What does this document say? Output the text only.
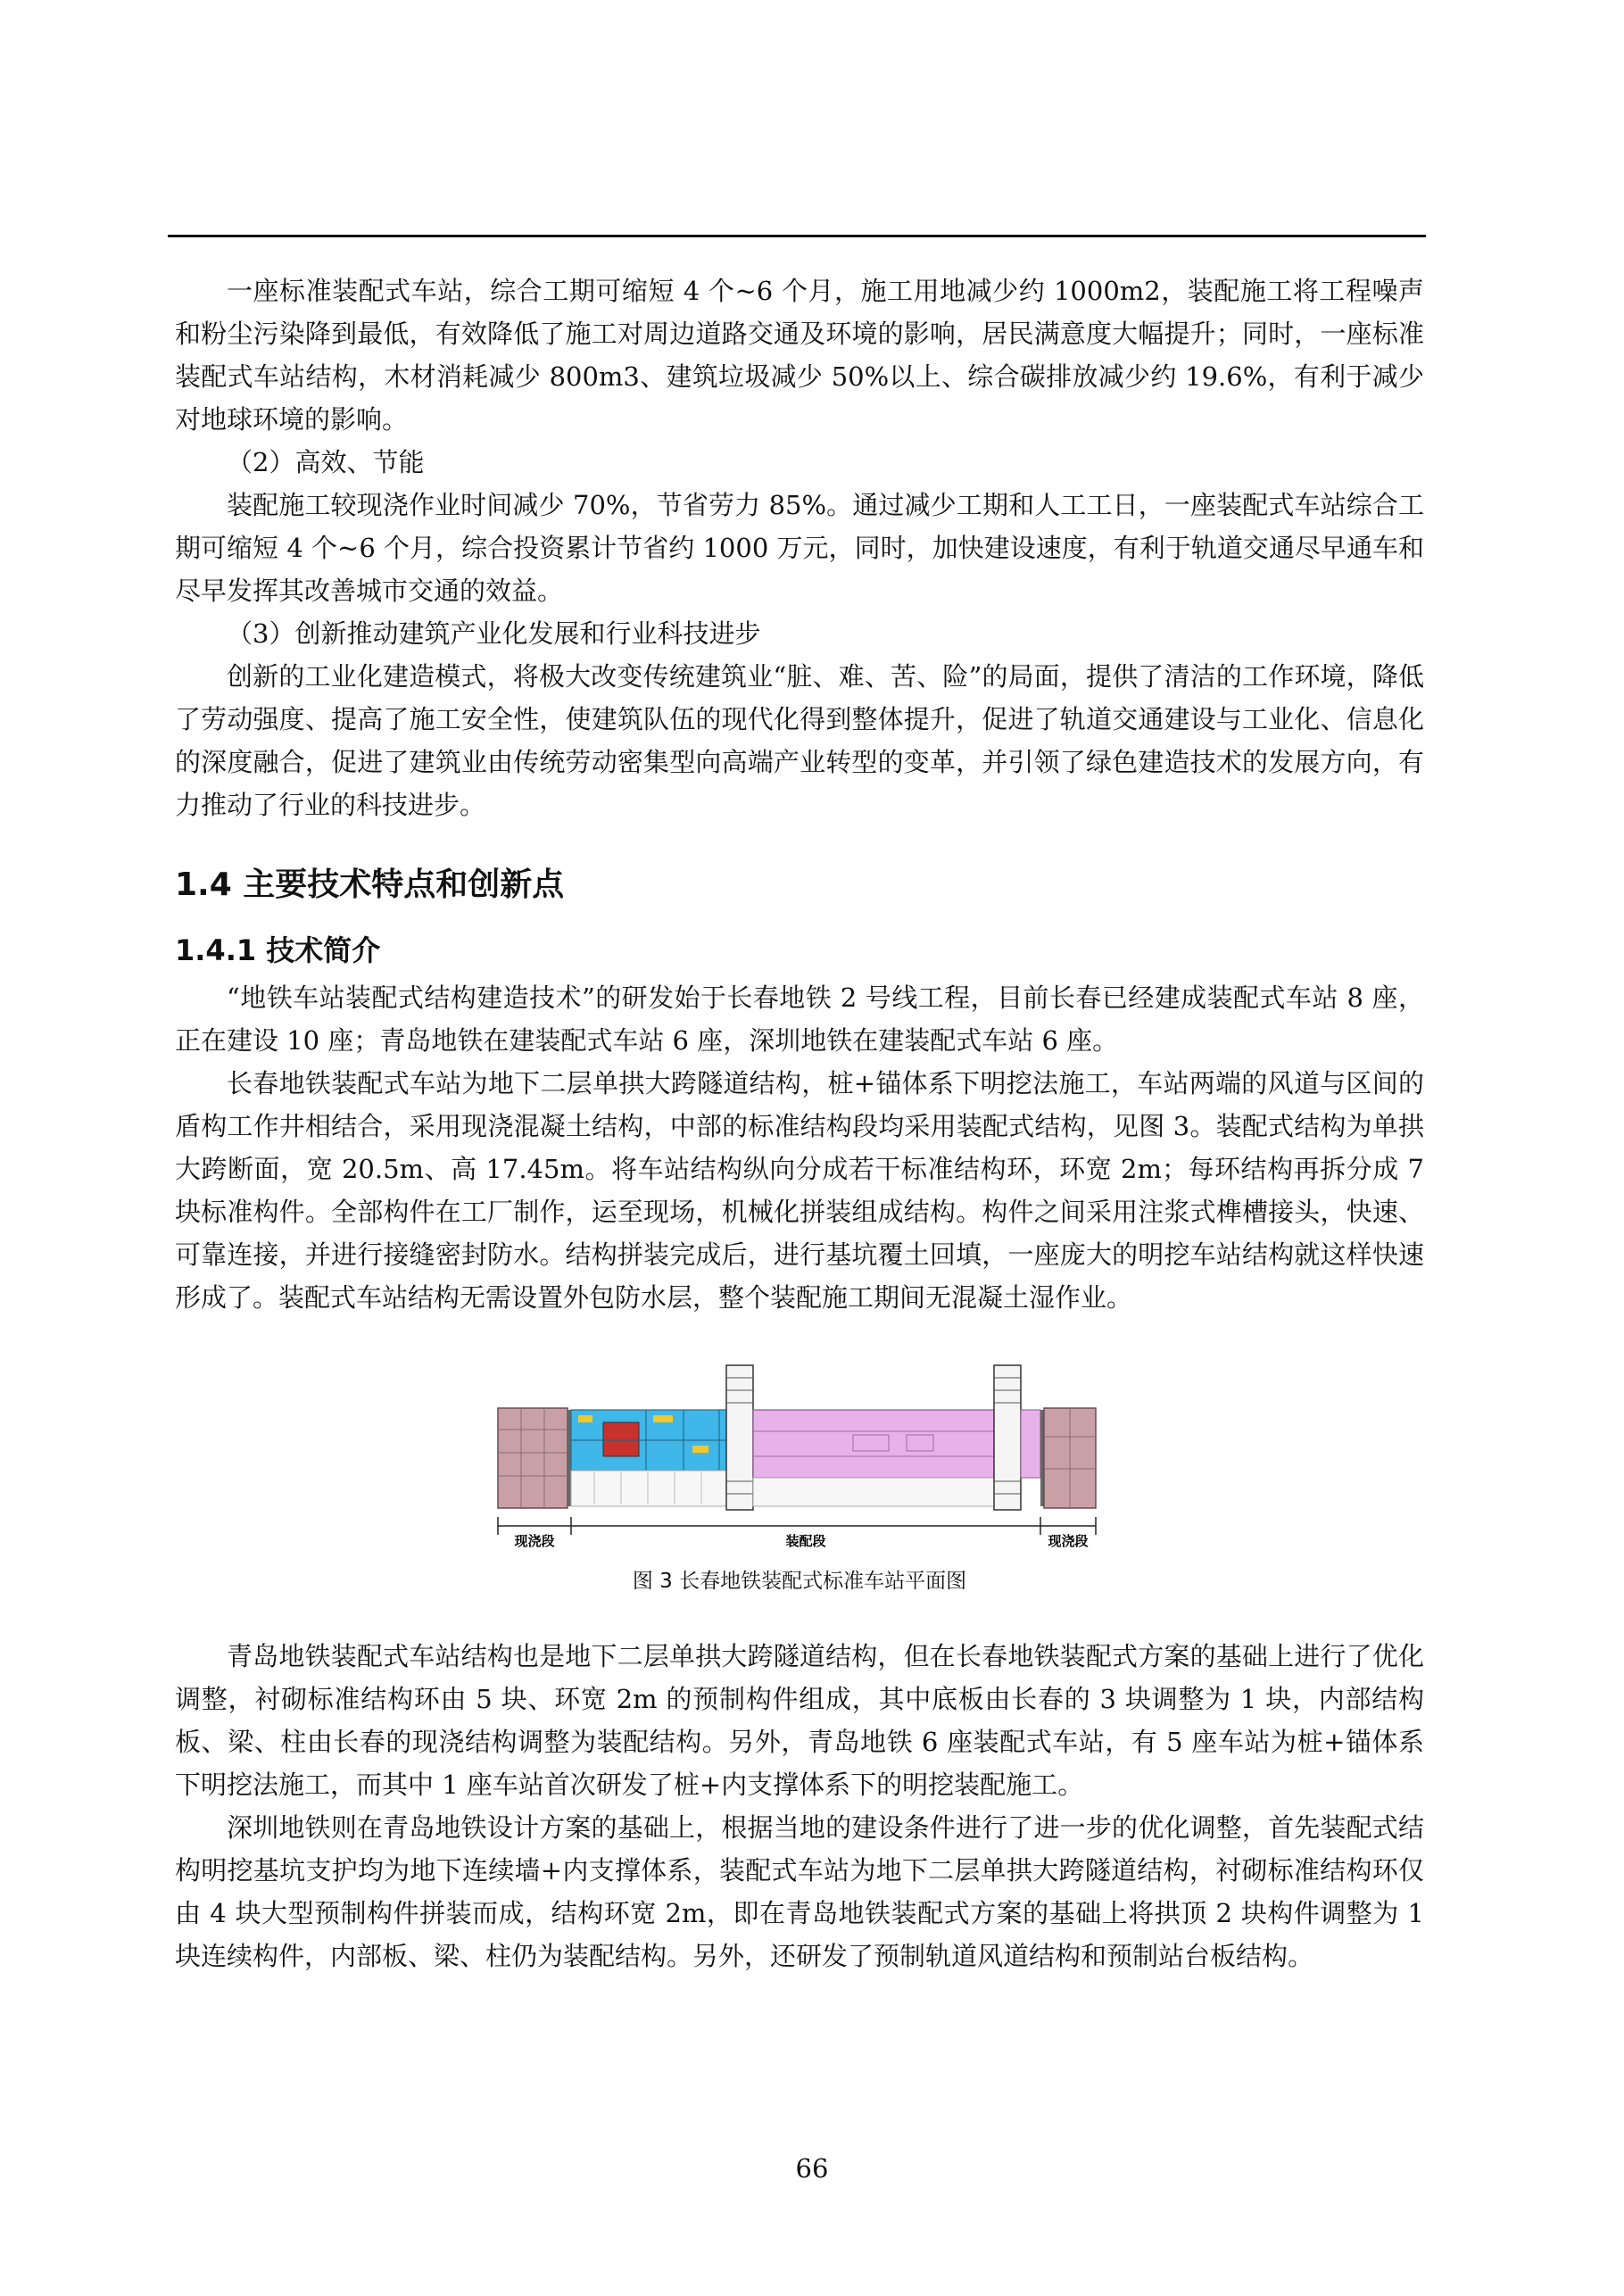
一座标准装配式车站，综合工期可缩短 4 个~6 个月，施工用地减少约 1000m2，装配施工将工程噪声和粉尘污染降到最低，有效降低了施工对周边道路交通及环境的影响，居民满意度大幅提升；同时，一座标准装配式车站结构，木材消耗减少 800m3、建筑垃圾减少 50%以上、综合碳排放减少约 19.6%，有利于减少对地球环境的影响。

（2）高效、节能

装配施工较现浇作业时间减少 70%，节省劳力 85%。通过减少工期和人工工日，一座装配式车站综合工期可缩短 4 个~6 个月，综合投资累计节省约 1000 万元，同时，加快建设速度，有利于轨道交通尽早通车和尽早发挥其改善城市交通的效益。

（3）创新推动建筑产业化发展和行业科技进步

创新的工业化建造模式，将极大改变传统建筑业“脏、难、苦、险”的局面，提供了清洁的工作环境，降低了劳动强度、提高了施工安全性，使建筑队伍的现代化得到整体提升，促进了轨道交通建设与工业化、信息化的深度融合，促进了建筑业由传统劳动密集型向高端产业转型的变革，并引领了绿色建造技术的发展方向，有力推动了行业的科技进步。

1.4 主要技术特点和创新点
1.4.1 技术简介

“地铁车站装配式结构建造技术”的研发始于长春地铁 2 号线工程，目前长春已经建成装配式车站 8 座，正在建设 10 座；青岛地铁在建装配式车站 6 座，深圳地铁在建装配式车站 6 座。

长春地铁装配式车站为地下二层单拱大跨隧道结构，桩+锚体系下明挖法施工，车站两端的风道与区间的盾构工作井相结合，采用现浇混凝土结构，中部的标准结构段均采用装配式结构，见图 3。装配式结构为单拱大跨断面，宽 20.5m、高 17.45m。将车站结构纵向分成若干标准结构环，环宽 2m；每环结构再拆分成 7 块标准构件。全部构件在工厂制作，运至现场，机械化拼装组成结构。构件之间采用注浆式榫槽接头，快速、可靠连接，并进行接缝密封防水。结构拼装完成后，进行基坑覆土回填，一座庞大的明挖车站结构就这样快速形成了。装配式车站结构无需设置外包防水层，整个装配施工期间无混凝土湿作业。

现浇段	装配段	现浇段
图 3 长春地铁装配式标准车站平面图

青岛地铁装配式车站结构也是地下二层单拱大跨隧道结构，但在长春地铁装配式方案的基础上进行了优化调整，衬砌标准结构环由 5 块、环宽 2m 的预制构件组成，其中底板由长春的 3 块调整为 1 块，内部结构板、梁、柱由长春的现浇结构调整为装配结构。另外，青岛地铁 6 座装配式车站，有 5 座车站为桩+锚体系下明挖法施工，而其中 1 座车站首次研发了桩+内支撑体系下的明挖装配施工。

深圳地铁则在青岛地铁设计方案的基础上，根据当地的建设条件进行了进一步的优化调整，首先装配式结构明挖基坑支护均为地下连续墙+内支撑体系，装配式车站为地下二层单拱大跨隧道结构，衬砌标准结构环仅由 4 块大型预制构件拼装而成，结构环宽 2m，即在青岛地铁装配式方案的基础上将拱顶 2 块构件调整为 1 块连续构件，内部板、梁、柱仍为装配结构。另外，还研发了预制轨道风道结构和预制站台板结构。

66
